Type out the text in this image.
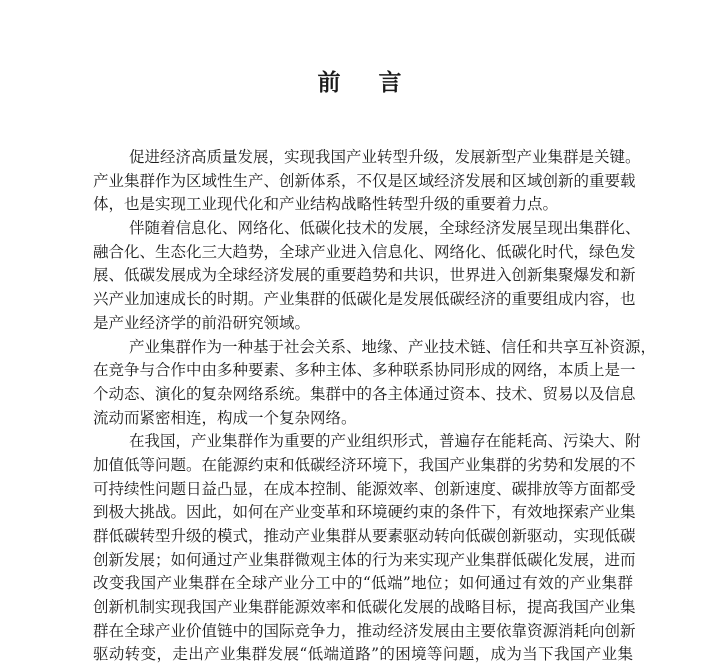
前言
促进经济高质量发展，实现我国产业转型升级，发展新型产业集群是关键。
产业集群作为区域性生产、创新体系，不仅是区域经济发展和区域创新的重要载
体，也是实现工业现代化和产业结构战略性转型升级的重要着力点。
伴随着信息化、网络化、低碳化技术的发展，全球经济发展呈现出集群化、
融合化、生态化三大趋势，全球产业进入信息化、网络化、低碳化时代，绿色发
展、低碳发展成为全球经济发展的重要趋势和共识，世界进入创新集聚爆发和新
兴产业加速成长的时期。产业集群的低碳化是发展低碳经济的重要组成内容，也
是产业经济学的前沿研究领域。
产业集群作为一种基于社会关系、地缘、产业技术链、信任和共享互补资源，
在竞争与合作中由多种要素、多种主体、多种联系协同形成的网络，本质上是一
个动态、演化的复杂网络系统。集群中的各主体通过资本、技术、贸易以及信息
流动而紧密相连，构成一个复杂网络。
在我国，产业集群作为重要的产业组织形式，普遍存在能耗高、污染大、附
加值低等问题。在能源约束和低碳经济环境下，我国产业集群的劣势和发展的不
可持续性问题日益凸显，在成本控制、能源效率、创新速度、碳排放等方面都受
到极大挑战。因此，如何在产业变革和环境硬约束的条件下，有效地探索产业集
群低碳转型升级的模式，推动产业集群从要素驱动转向低碳创新驱动，实现低碳
创新发展；如何通过产业集群微观主体的行为来实现产业集群低碳化发展，进而
改变我国产业集群在全球产业分工中的“低端”地位；如何通过有效的产业集群
创新机制实现我国产业集群能源效率和低碳化发展的战略目标，提高我国产业集
群在全球产业价值链中的国际竞争力，推动经济发展由主要依靠资源消耗向创新
驱动转变，走出产业集群发展“低端道路”的困境等问题，成为当下我国产业集
